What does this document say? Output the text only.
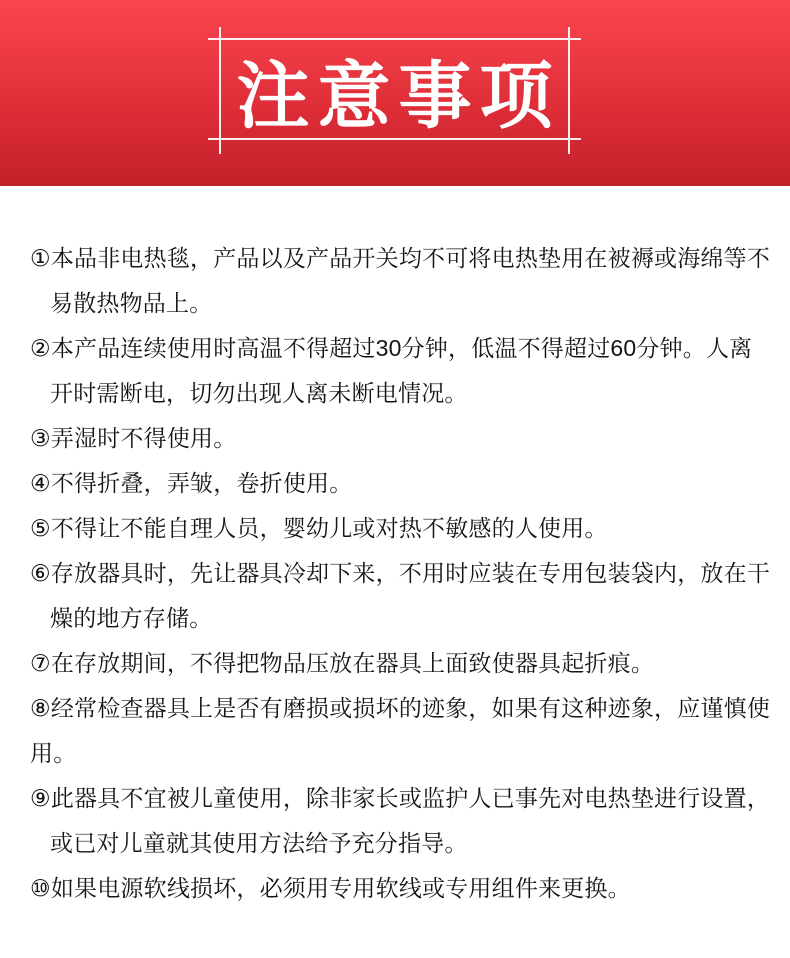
注意事项
①本品非电热毯，产品以及产品开关均不可将电热垫用在被褥或海绵等不
易散热物品上。
②本产品连续使用时高温不得超过30分钟，低温不得超过60分钟。人离
开时需断电，切勿出现人离未断电情况。
③弄湿时不得使用。
④不得折叠，弄皱，卷折使用。
⑤不得让不能自理人员，婴幼儿或对热不敏感的人使用。
⑥存放器具时，先让器具冷却下来，不用时应装在专用包装袋内，放在干
燥的地方存储。
⑦在存放期间，不得把物品压放在器具上面致使器具起折痕。
⑧经常检查器具上是否有磨损或损坏的迹象，如果有这种迹象，应谨慎使
用。
⑨此器具不宜被儿童使用，除非家长或监护人已事先对电热垫进行设置，
或已对儿童就其使用方法给予充分指导。
⑩如果电源软线损坏，必须用专用软线或专用组件来更换。
